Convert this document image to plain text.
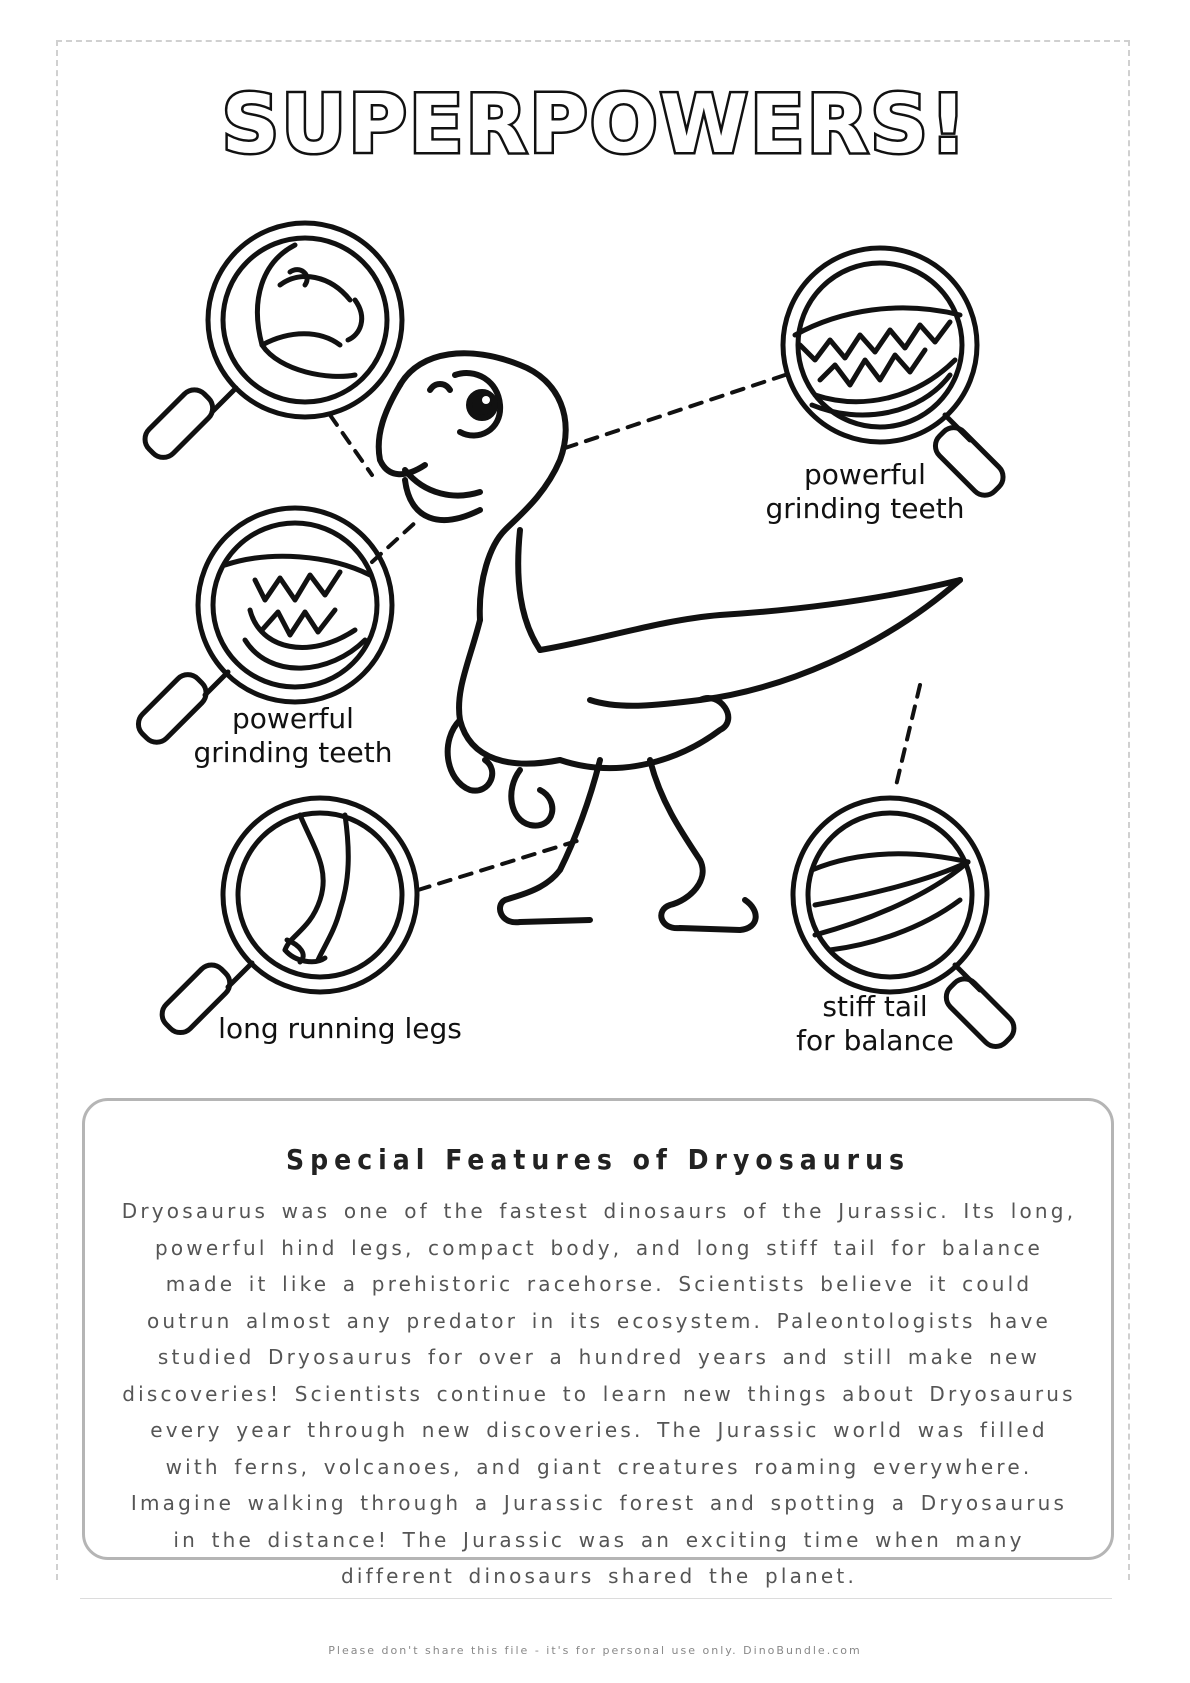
SUPERPOWERS!
powerful
grinding teeth
powerful
grinding teeth
long running legs
stiff tail
for balance
Special Features of Dryosaurus
Dryosaurus was one of the fastest dinosaurs of the Jurassic. Its long, powerful hind legs, compact body, and long stiff tail for balance made it like a prehistoric racehorse. Scientists believe it could outrun almost any predator in its ecosystem. Paleontologists have studied Dryosaurus for over a hundred years and still make new discoveries! Scientists continue to learn new things about Dryosaurus every year through new discoveries. The Jurassic world was filled with ferns, volcanoes, and giant creatures roaming everywhere. Imagine walking through a Jurassic forest and spotting a Dryosaurus in the distance! The Jurassic was an exciting time when many different dinosaurs shared the planet.
Please don't share this file - it's for personal use only. DinoBundle.com
